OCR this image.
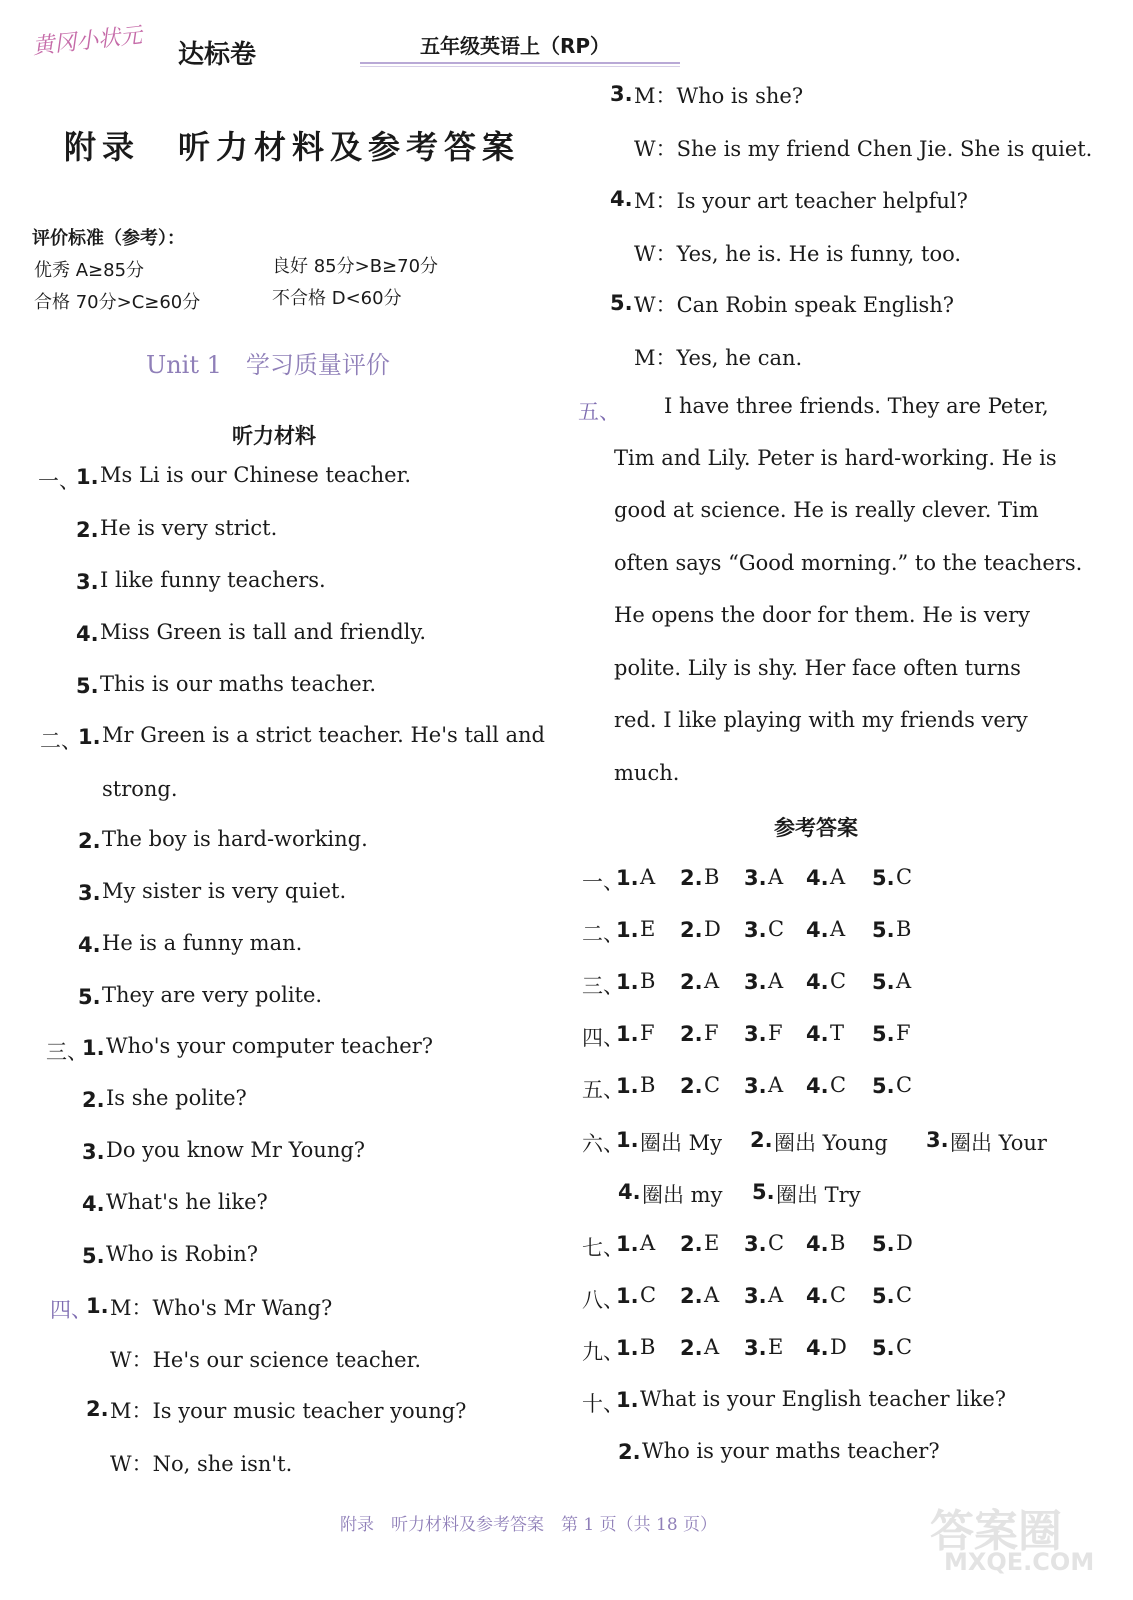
黄冈小状元 达标卷	五年级英语上（RP）
附录　听力材料及参考答案
评价标准（参考）：
优秀 A≥85分	良好 85分>B≥70分
合格 70分>C≥60分	不合格 D<60分
Unit 1　学习质量评价
听力材料
一、
1. Ms Li is our Chinese teacher.
2. He is very strict.
3. I like funny teachers.
4. Miss Green is tall and friendly.
5. This is our maths teacher.
二、
1. Mr Green is a strict teacher. He's tall and
strong.
2. The boy is hard-working.
3. My sister is very quiet.
4. He is a funny man.
5. They are very polite.
三、
1. Who's your computer teacher?
2. Is she polite?
3. Do you know Mr Young?
4. What's he like?
5. Who is Robin?
四、
1. M：Who's Mr Wang?
W：He's our science teacher.
2. M：Is your music teacher young?
W：No, she isn't.
3. M：Who is she?
W：She is my friend Chen Jie. She is quiet.
4. M：Is your art teacher helpful?
W：Yes, he is. He is funny, too.
5. W：Can Robin speak English?
M：Yes, he can.
五、 I have three friends. They are Peter,
Tim and Lily. Peter is hard-working. He is
good at science. He is really clever. Tim
often says “Good morning.” to the teachers.
He opens the door for them. He is very
polite. Lily is shy. Her face often turns
red. I like playing with my friends very
much.
参考答案
一、
1. A 2. B 3. A 4. A 5. C
二、
1. E 2. D 3. C 4. A 5. B
三、
1. B 2. A 3. A 4. C 5. A
四、
1. F 2. F 3. F 4. T 5. F
五、
1. B 2. C 3. A 4. C 5. C
六、
1. 圈出 My 2. 圈出 Young 3. 圈出 Your
4. 圈出 my 5. 圈出 Try
七、
1. A 2. E 3. C 4. B 5. D
八、
1. C 2. A 3. A 4. C 5. C
九、
1. B 2. A 3. E 4. D 5. C
十、
1. What is your English teacher like?
2. Who is your maths teacher?
附录　听力材料及参考答案　第 1 页（共 18 页）	答案圈
MXQE.COM
